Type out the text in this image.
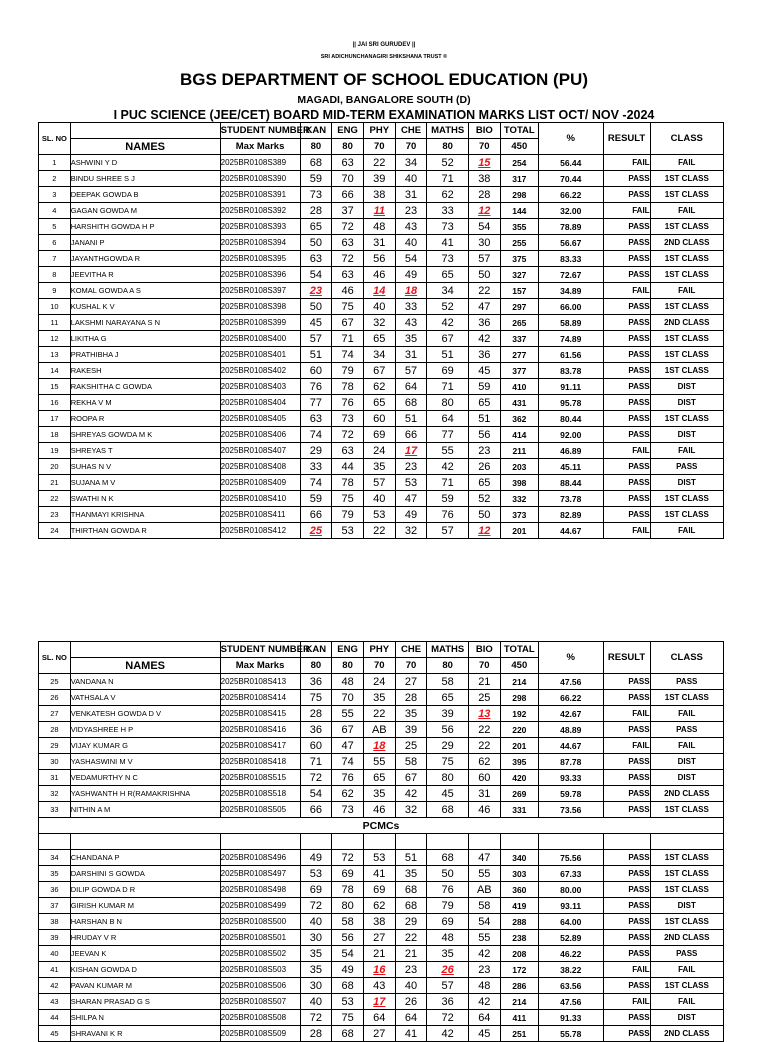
|| JAI SRI GURUDEV ||
SRI ADICHUNCHANAGIRI SHIKSHANA TRUST ®
BGS DEPARTMENT OF SCHOOL EDUCATION (PU)
MAGADI, BANGALORE SOUTH (D)
I PUC SCIENCE (JEE/CET) BOARD MID-TERM EXAMINATION MARKS LIST OCT/ NOV -2024
SL. NO		STUDENT NUMBER	KAN	ENG	PHY	CHE	MATHS	BIO	TOTAL	%	RESULT	CLASS
	NAMES	Max Marks	80	80	70	70	80	70	450			
1	ASHWINI Y D	2025BR0108S389	68	63	22	34	52	15	254	56.44	FAIL	FAIL
2	BINDU SHREE S J	2025BR0108S390	59	70	39	40	71	38	317	70.44	PASS	1ST CLASS
3	DEEPAK GOWDA B	2025BR0108S391	73	66	38	31	62	28	298	66.22	PASS	1ST CLASS
4	GAGAN GOWDA M	2025BR0108S392	28	37	11	23	33	12	144	32.00	FAIL	FAIL
5	HARSHITH GOWDA H P	2025BR0108S393	65	72	48	43	73	54	355	78.89	PASS	1ST CLASS
6	JANANI P	2025BR0108S394	50	63	31	40	41	30	255	56.67	PASS	2ND CLASS
7	JAYANTHGOWDA R	2025BR0108S395	63	72	56	54	73	57	375	83.33	PASS	1ST CLASS
8	JEEVITHA R	2025BR0108S396	54	63	46	49	65	50	327	72.67	PASS	1ST CLASS
9	KOMAL GOWDA A S	2025BR0108S397	23	46	14	18	34	22	157	34.89	FAIL	FAIL
10	KUSHAL K V	2025BR0108S398	50	75	40	33	52	47	297	66.00	PASS	1ST CLASS
11	LAKSHMI NARAYANA S N	2025BR0108S399	45	67	32	43	42	36	265	58.89	PASS	2ND CLASS
12	LIKITHA G	2025BR0108S400	57	71	65	35	67	42	337	74.89	PASS	1ST CLASS
13	PRATHIBHA J	2025BR0108S401	51	74	34	31	51	36	277	61.56	PASS	1ST CLASS
14	RAKESH	2025BR0108S402	60	79	67	57	69	45	377	83.78	PASS	1ST CLASS
15	RAKSHITHA C GOWDA	2025BR0108S403	76	78	62	64	71	59	410	91.11	PASS	DIST
16	REKHA V M	2025BR0108S404	77	76	65	68	80	65	431	95.78	PASS	DIST
17	ROOPA R	2025BR0108S405	63	73	60	51	64	51	362	80.44	PASS	1ST CLASS
18	SHREYAS GOWDA M K	2025BR0108S406	74	72	69	66	77	56	414	92.00	PASS	DIST
19	SHREYAS T	2025BR0108S407	29	63	24	17	55	23	211	46.89	FAIL	FAIL
20	SUHAS N V	2025BR0108S408	33	44	35	23	42	26	203	45.11	PASS	PASS
21	SUJANA M V	2025BR0108S409	74	78	57	53	71	65	398	88.44	PASS	DIST
22	SWATHI N K	2025BR0108S410	59	75	40	47	59	52	332	73.78	PASS	1ST CLASS
23	THANMAYI KRISHNA	2025BR0108S411	66	79	53	49	76	50	373	82.89	PASS	1ST CLASS
24	THIRTHAN GOWDA R	2025BR0108S412	25	53	22	32	57	12	201	44.67	FAIL	FAIL
SL. NO		STUDENT NUMBER	KAN	ENG	PHY	CHE	MATHS	BIO	TOTAL	%	RESULT	CLASS
	NAMES	Max Marks	80	80	70	70	80	70	450			
25	VANDANA N	2025BR0108S413	36	48	24	27	58	21	214	47.56	PASS	PASS
26	VATHSALA V	2025BR0108S414	75	70	35	28	65	25	298	66.22	PASS	1ST CLASS
27	VENKATESH GOWDA D V	2025BR0108S415	28	55	22	35	39	13	192	42.67	FAIL	FAIL
28	VIDYASHREE H P	2025BR0108S416	36	67	AB	39	56	22	220	48.89	PASS	PASS
29	VIJAY KUMAR G	2025BR0108S417	60	47	18	25	29	22	201	44.67	FAIL	FAIL
30	YASHASWINI M V	2025BR0108S418	71	74	55	58	75	62	395	87.78	PASS	DIST
31	VEDAMURTHY N C	2025BR0108S515	72	76	65	67	80	60	420	93.33	PASS	DIST
32	YASHWANTH H R(RAMAKRISHNA	2025BR0108S518	54	62	35	42	45	31	269	59.78	PASS	2ND CLASS
33	NITHIN A M	2025BR0108S505	66	73	46	32	68	46	331	73.56	PASS	1ST CLASS
PCMCs												

34	CHANDANA P	2025BR0108S496	49	72	53	51	68	47	340	75.56	PASS	1ST CLASS
35	DARSHINI S GOWDA	2025BR0108S497	53	69	41	35	50	55	303	67.33	PASS	1ST CLASS
36	DILIP GOWDA D R	2025BR0108S498	69	78	69	68	76	AB	360	80.00	PASS	1ST CLASS
37	GIRISH KUMAR M	2025BR0108S499	72	80	62	68	79	58	419	93.11	PASS	DIST
38	HARSHAN B N	2025BR0108S500	40	58	38	29	69	54	288	64.00	PASS	1ST CLASS
39	HRUDAY V R	2025BR0108S501	30	56	27	22	48	55	238	52.89	PASS	2ND CLASS
40	JEEVAN K	2025BR0108S502	35	54	21	21	35	42	208	46.22	PASS	PASS
41	KISHAN GOWDA D	2025BR0108S503	35	49	16	23	26	23	172	38.22	FAIL	FAIL
42	PAVAN KUMAR M	2025BR0108S506	30	68	43	40	57	48	286	63.56	PASS	1ST CLASS
43	SHARAN PRASAD G S	2025BR0108S507	40	53	17	26	36	42	214	47.56	FAIL	FAIL
44	SHILPA N	2025BR0108S508	72	75	64	64	72	64	411	91.33	PASS	DIST
45	SHRAVANI K R	2025BR0108S509	28	68	27	41	42	45	251	55.78	PASS	2ND CLASS
